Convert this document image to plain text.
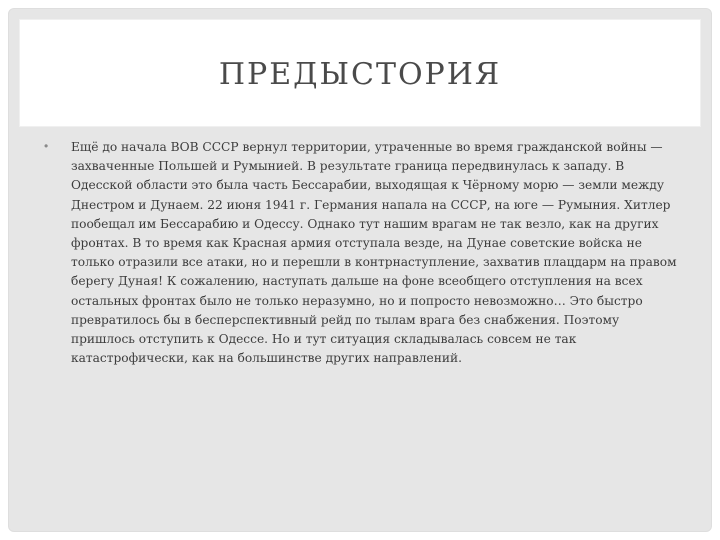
ПРЕДЫСТОРИЯ
• Ещё до начала ВОВ СССР вернул территории, утраченные во время гражданской войны — захваченные Польшей и Румынией. В результате граница передвинулась к западу. В Одесской области это была часть Бессарабии, выходящая к Чёрному морю — земли между Днестром и Дунаем. 22 июня 1941 г. Германия напала на СССР, на юге — Румыния. Хитлер пообещал им Бессарабию и Одессу. Однако тут нашим врагам не так везло, как на других фронтах. В то время как Красная армия отступала везде, на Дунае советские войска не только отразили все атаки, но и перешли в контрнаступление, захватив плацдарм на правом берегу Дуная! К сожалению, наступать дальше на фоне всеобщего отступления на всех остальных фронтах было не только неразумно, но и попросто невозможно… Это быстро превратилось бы в бесперспективный рейд по тылам врага без снабжения. Поэтому пришлось отступить к Одессе. Но и тут ситуация складывалась совсем не так катастрофически, как на большинстве других направлений.
